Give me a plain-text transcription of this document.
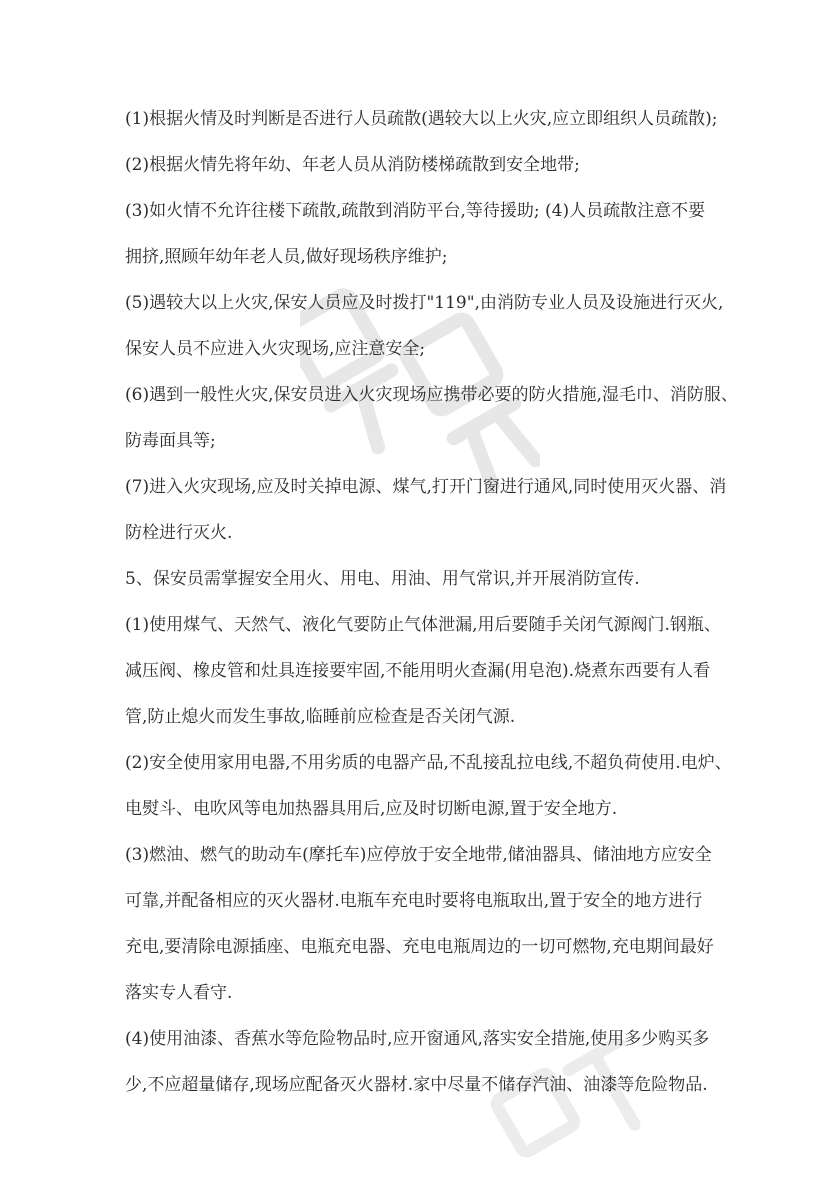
(1)根据火情及时判断是否进行人员疏散(遇较大以上火灾,应立即组织人员疏散);
(2)根据火情先将年幼、年老人员从消防楼梯疏散到安全地带;
(3)如火情不允许往楼下疏散,疏散到消防平台,等待援助; (4)人员疏散注意不要
拥挤,照顾年幼年老人员,做好现场秩序维护;
(5)遇较大以上火灾,保安人员应及时拨打"119",由消防专业人员及设施进行灭火,
保安人员不应进入火灾现场,应注意安全;
(6)遇到一般性火灾,保安员进入火灾现场应携带必要的防火措施,湿毛巾、消防服、
防毒面具等;
(7)进入火灾现场,应及时关掉电源、煤气,打开门窗进行通风,同时使用灭火器、消
防栓进行灭火.
5、保安员需掌握安全用火、用电、用油、用气常识,并开展消防宣传.
(1)使用煤气、天然气、液化气要防止气体泄漏,用后要随手关闭气源阀门.钢瓶、
减压阀、橡皮管和灶具连接要牢固,不能用明火查漏(用皂泡).烧煮东西要有人看
管,防止熄火而发生事故,临睡前应检查是否关闭气源.
(2)安全使用家用电器,不用劣质的电器产品,不乱接乱拉电线,不超负荷使用.电炉、
电熨斗、电吹风等电加热器具用后,应及时切断电源,置于安全地方.
(3)燃油、燃气的助动车(摩托车)应停放于安全地带,储油器具、储油地方应安全
可靠,并配备相应的灭火器材.电瓶车充电时要将电瓶取出,置于安全的地方进行
充电,要清除电源插座、电瓶充电器、充电电瓶周边的一切可燃物,充电期间最好
落实专人看守.
(4)使用油漆、香蕉水等危险物品时,应开窗通风,落实安全措施,使用多少购买多
少,不应超量储存,现场应配备灭火器材.家中尽量不储存汽油、油漆等危险物品.
